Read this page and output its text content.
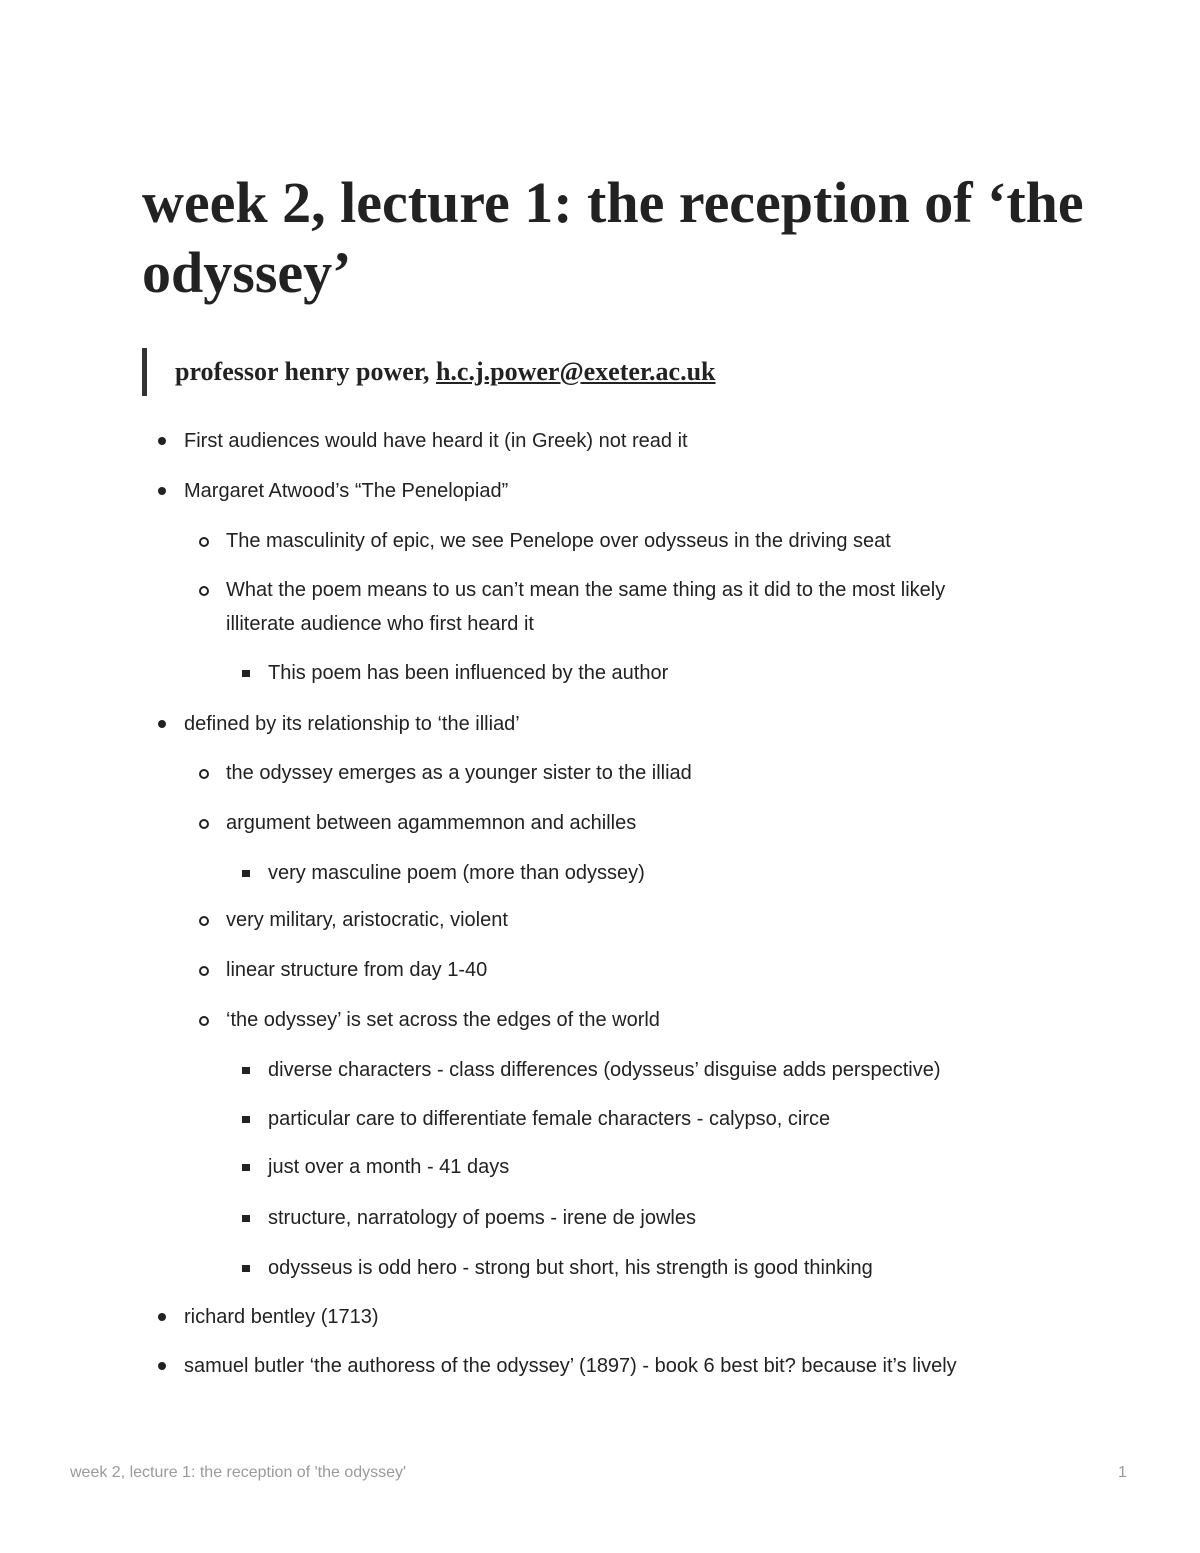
week 2, lecture 1: the reception of ‘the odyssey’
professor henry power, h.c.j.power@exeter.ac.uk
First audiences would have heard it (in Greek) not read it
Margaret Atwood’s “The Penelopiad”
The masculinity of epic, we see Penelope over odysseus in the driving seat
What the poem means to us can’t mean the same thing as it did to the most likely illiterate audience who first heard it
This poem has been influenced by the author
defined by its relationship to ‘the illiad’
the odyssey emerges as a younger sister to the illiad
argument between agammemnon and achilles
very masculine poem (more than odyssey)
very military, aristocratic, violent
linear structure from day 1-40
‘the odyssey’ is set across the edges of the world
diverse characters - class differences (odysseus’ disguise adds perspective)
particular care to differentiate female characters - calypso, circe
just over a month - 41 days
structure, narratology of poems - irene de jowles
odysseus is odd hero - strong but short, his strength is good thinking
richard bentley (1713)
samuel butler ‘the authoress of the odyssey’ (1897) - book 6 best bit? because it’s lively
week 2, lecture 1: the reception of 'the odyssey'	1
